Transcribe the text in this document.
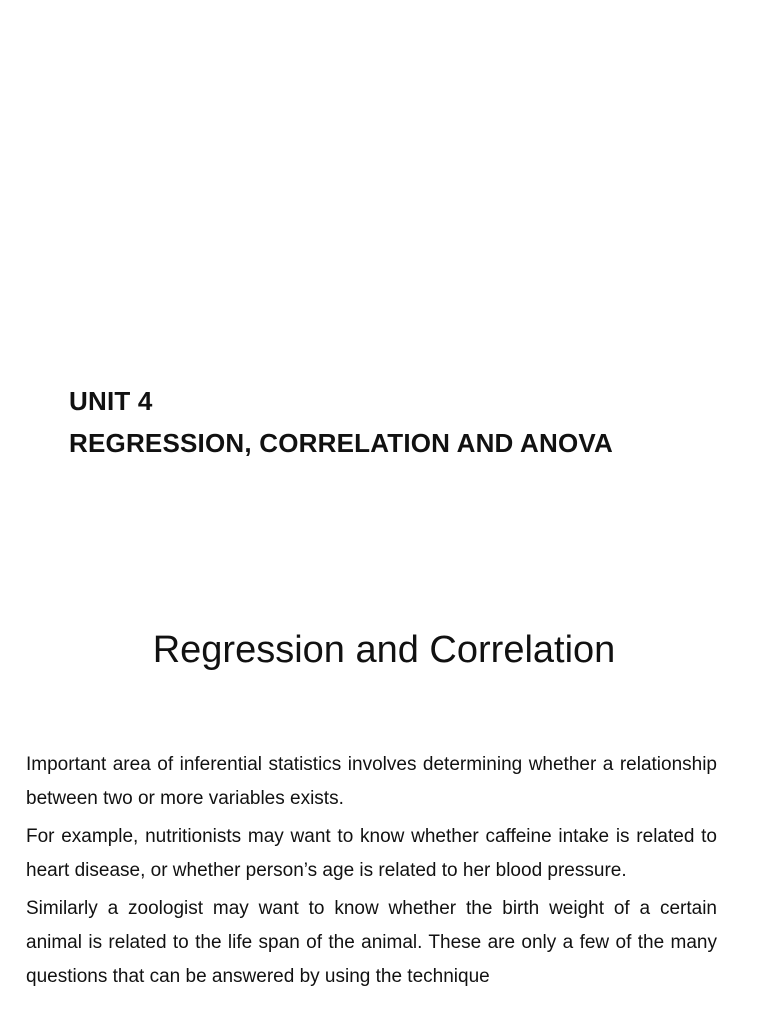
UNIT 4
REGRESSION, CORRELATION AND ANOVA
Regression and Correlation

Important area of inferential statistics involves determining whether a relationship between two or more variables exists.

For example, nutritionists may want to know whether caffeine intake is related to heart disease, or whether person’s age is related to her blood pressure.

Similarly a zoologist may want to know whether the birth weight of a certain animal is related to the life span of the animal. These are only a few of the many questions that can be answered by using the technique
